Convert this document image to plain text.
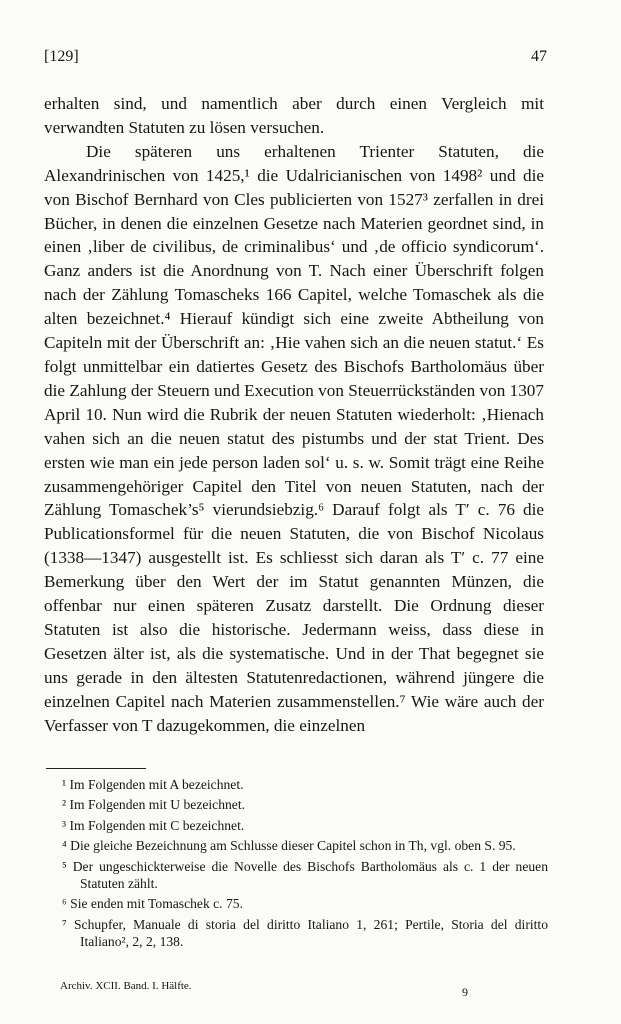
[129]	47

erhalten sind, und namentlich aber durch einen Vergleich mit verwandten Statuten zu lösen versuchen.

Die späteren uns erhaltenen Trienter Statuten, die Alexandrinischen von 1425,¹ die Udalricianischen von 1498² und die von Bischof Bernhard von Cles publicierten von 1527³ zerfallen in drei Bücher, in denen die einzelnen Gesetze nach Materien geordnet sind, in einen ‚liber de civilibus, de criminalibus‘ und ‚de officio syndicorum‘. Ganz anders ist die Anordnung von T. Nach einer Überschrift folgen nach der Zählung Tomascheks 166 Capitel, welche Tomaschek als die alten bezeichnet.⁴ Hierauf kündigt sich eine zweite Abtheilung von Capiteln mit der Überschrift an: ‚Hie vahen sich an die neuen statut.‘ Es folgt unmittelbar ein datiertes Gesetz des Bischofs Bartholomäus über die Zahlung der Steuern und Execution von Steuerrückständen von 1307 April 10. Nun wird die Rubrik der neuen Statuten wiederholt: ‚Hienach vahen sich an die neuen statut des pistumbs und der stat Trient. Des ersten wie man ein jede person laden sol‘ u. s. w. Somit trägt eine Reihe zusammengehöriger Capitel den Titel von neuen Statuten, nach der Zählung Tomaschek’s⁵ vierundsiebzig.⁶ Darauf folgt als T′ c. 76 die Publicationsformel für die neuen Statuten, die von Bischof Nicolaus (1338—1347) ausgestellt ist. Es schliesst sich daran als T′ c. 77 eine Bemerkung über den Wert der im Statut genannten Münzen, die offenbar nur einen späteren Zusatz darstellt. Die Ordnung dieser Statuten ist also die historische. Jedermann weiss, dass diese in Gesetzen älter ist, als die systematische. Und in der That begegnet sie uns gerade in den ältesten Statutenredactionen, während jüngere die einzelnen Capitel nach Materien zusammenstellen.⁷ Wie wäre auch der Verfasser von T dazugekommen, die einzelnen

¹ Im Folgenden mit A bezeichnet.

² Im Folgenden mit U bezeichnet.

³ Im Folgenden mit C bezeichnet.

⁴ Die gleiche Bezeichnung am Schlusse dieser Capitel schon in Th, vgl. oben S. 95.

⁵ Der ungeschickterweise die Novelle des Bischofs Bartholomäus als c. 1 der neuen Statuten zählt.

⁶ Sie enden mit Tomaschek c. 75.

⁷ Schupfer, Manuale di storia del diritto Italiano 1, 261; Pertile, Storia del diritto Italiano², 2, 2, 138.

Archiv. XCII. Band. I. Hälfte.	9
